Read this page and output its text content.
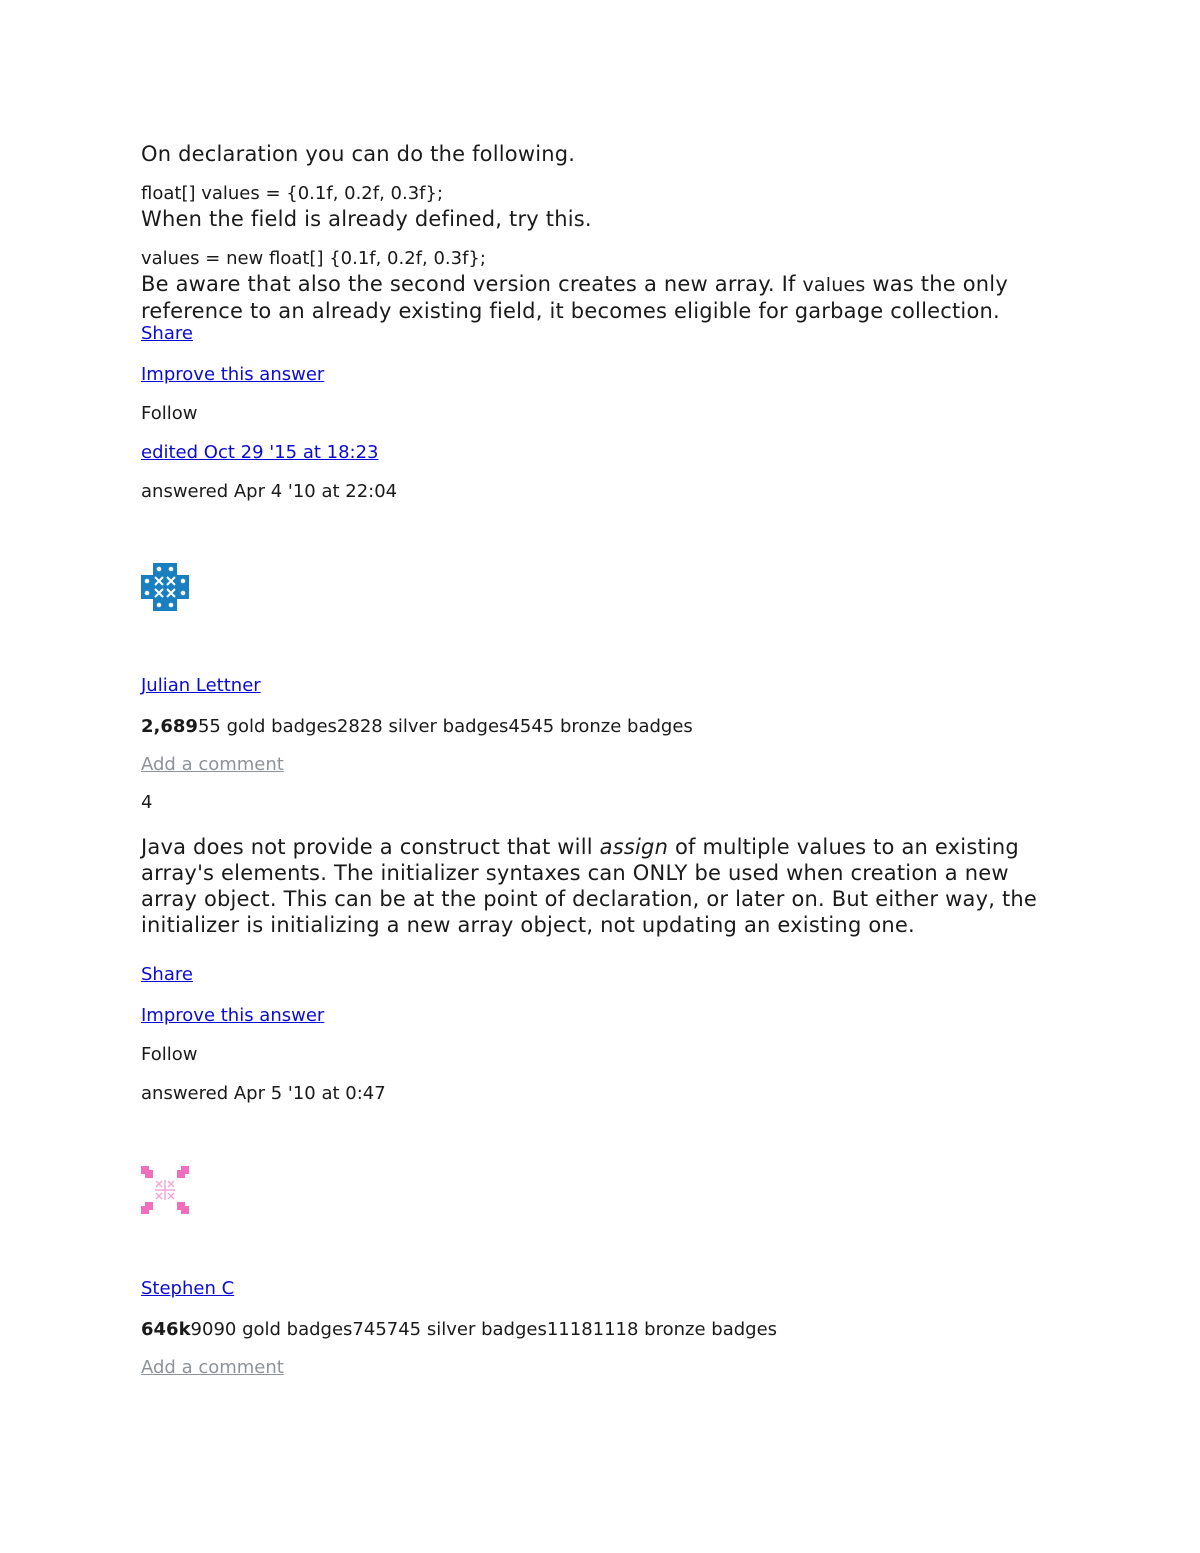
On declaration you can do the following.
float[] values = {0.1f, 0.2f, 0.3f};
When the field is already defined, try this.
values = new float[] {0.1f, 0.2f, 0.3f};
Be aware that also the second version creates a new array. If values was the only reference to an already existing field, it becomes eligible for garbage collection.
Share
Improve this answer
Follow
edited Oct 29 '15 at 18:23
answered Apr 4 '10 at 22:04
Julian Lettner
2,68955 gold badges2828 silver badges4545 bronze badges
Add a comment
4
Java does not provide a construct that will assign of multiple values to an existing array's elements. The initializer syntaxes can ONLY be used when creation a new array object. This can be at the point of declaration, or later on. But either way, the initializer is initializing a new array object, not updating an existing one.
Share
Improve this answer
Follow
answered Apr 5 '10 at 0:47
Stephen C
646k9090 gold badges745745 silver badges11181118 bronze badges
Add a comment
